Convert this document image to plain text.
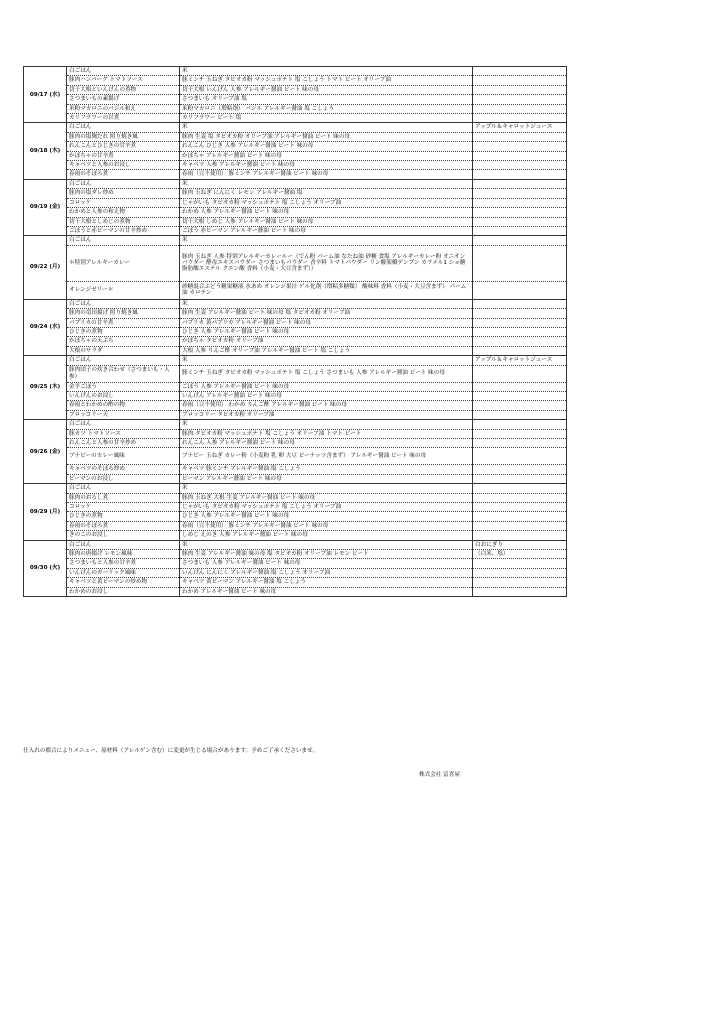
09/17 (水)	白ごはん	米	
	豚肉ハンバーグ トマトソース	豚ミンチ 玉ねぎ タピオカ粉 マッシュポテト 塩 こしょう トマト ビート オリーブ油	
	切干大根といんげんの煮物	切干大根 いんげん 人参 アレルギー醤油 ビート 味の母	
	さつまいもの素揚げ	さつまいも オリーブ油 塩	
	米粉マカロニのバジル和え	米粉マカロニ（増粘剤） バジル アレルギー醤油 塩 こしょう	
	カリフラワーの甘煮	カリフラワー ビート 塩	
09/18 (木)	白ごはん	米	アップル＆キャロットジュース
	豚肉の塩麹だれ 照り焼き風	豚肉 生姜 塩 タピオカ粉 オリーブ油 アレルギー醤油 ビート 味の母	
	れんこんとひじきの甘辛煮	れんこん ひじき 人参 アレルギー醤油 ビート 味の母	
	かぼちゃの甘辛煮	かぼちゃ アレルギー醤油 ビート 味の母	
	キャベツと人参のお浸し	キャベツ 人参 アレルギー醤油 ビート 味の母	
	春雨のそぼろ煮	春雨（豆不使用） 豚ミンチ アレルギー醤油 ビート 味の母	
09/19 (金)	白ごはん	米	
	豚肉の塩ダレ炒め	豚肉 玉ねぎ にんにく レモン アレルギー醤油 塩	
	コロッケ	じゃがいも タピオカ粉 マッシュポテト 塩 こしょう オリーブ油	
	わかめと人参の和え物	わかめ 人参 アレルギー醤油 ビート 味の母	
	切干大根としめじの煮物	切干大根 しめじ 人参 アレルギー醤油 ビート 味の母	
	ごぼうと赤ピーマンの甘辛炒め	ごぼう 赤ピーマン アレルギー醤油 ビート 味の母	
09/22 (月)	白ごはん	米	
	＊特別アレルギーカレー	豚肉 玉ねぎ 人参 特別アレルギーカレールー（でん粉 パーム油 なたね油 砂糖 食塩 アレルギーカレー粉 オニオンパウダー 酵母エキスパウダー さつまいもパウダー 香辛料 トマトパウダー リン酸架橋デンプン カラメル1 ショ糖脂肪酸エステル クエン酸 香料（小麦・大豆含まず））	
	オレンジゼリー＊	砂糖混合ぶどう糖果糖液 水あめ オレンジ果汁 ゲル化剤（増粘多糖類） 酸味料 香料（小麦・大豆含まず） パーム油 カロテン	
09/24 (水)	白ごはん	米	
	豚肉の竜田揚げ 照り焼き風	豚肉 生姜 アレルギー醤油 ビート 味の母 塩 タピオカ粉 オリーブ油	
	パプリカの甘辛煮	パプリカ 黄パプリカ アレルギー醤油 ビート 味の母	
	ひじきの煮物	ひじき 人参 アレルギー醤油 ビート 味の母	
	かぼちゃの天ぷら	かぼちゃ タピオカ粉 オリーブ油	
	大根のサラダ	大根 人参 りんご酢 オリーブ油 アレルギー醤油 ビート 塩 こしょう	
09/25 (木)	白ごはん	米	アップル＆キャロットジュース
	豚肉団子の炊き合わせ（さつまいも・人参）	豚ミンチ 玉ねぎ タピオカ粉 マッシュポテト 塩 こしょう さつまいも 人参 アレルギー醤油 ビート 味の母	
	金平ごぼう	ごぼう 人参 アレルギー醤油 ビート 味の母	
	いんげんのお浸し	いんげん アレルギー醤油 ビート 味の母	
	春雨とわかめの酢の物	春雨（豆不使用） わかめ りんご酢 アレルギー醤油 ビート 味の母	
	ブロッコリー天	ブロッコリー タピオカ粉 オリーブ油	
09/26 (金)	白ごはん	米	
	豚カツ トマトソース	豚肉 タピオカ粉 マッシュポテト 塩 こしょう オリーブ油 トマト ビート	
	れんこんと人参の甘辛炒め	れんこん 人参 アレルギー醤油 ビート 味の母	
	ブナピーのカレー風味	ブナピー 玉ねぎ カレー粉（小麦粉 乳 卵 大豆 ピーナッツ含まず） アレルギー醤油 ビート 味の母	
	キャベツのそぼろ炒め	キャベツ 豚ミンチ アレルギー醤油 塩 こしょう	
	ピーマンのお浸し	ピーマン アレルギー醤油 ビート 味の母	
09/29 (月)	白ごはん	米	
	豚肉のおろし煮	豚肉 玉ねぎ 大根 生姜 アレルギー醤油 ビート 味の母	
	コロッケ	じゃがいも タピオカ粉 マッシュポテト 塩 こしょう オリーブ油	
	ひじきの煮物	ひじき 人参 アレルギー醤油 ビート 味の母	
	春雨のそぼろ煮	春雨（豆不使用） 豚ミンチ アレルギー醤油 ビート 味の母	
	きのこのお浸し	しめじ えのき 人参 アレルギー醤油 ビート 味の母	
09/30 (火)	白ごはん	米	白おにぎり
	豚肉の唐揚げ レモン風味	豚肉 生姜 アレルギー醤油 味の母 塩 タピオカ粉 オリーブ油 レモン ビート	（白米、塩）
	さつまいもと人参の甘辛煮	さつまいも 人参 アレルギー醤油 ビート 味の母	
	いんげんのガーリック風味	いんげん にんにく アレルギー醤油 塩 こしょう オリーブ油	
	キャベツと黄ピーマンの炒め物	キャベツ 黄ピーマン アレルギー醤油 塩 こしょう	
	わかめのお浸し	わかめ アレルギー醤油 ビート 味の母	
仕入れの都合によりメニュー、原材料（アレルゲン含む）に変更が生じる場合があります。予めご了承くださいませ。
株式会社 冨喜屋
